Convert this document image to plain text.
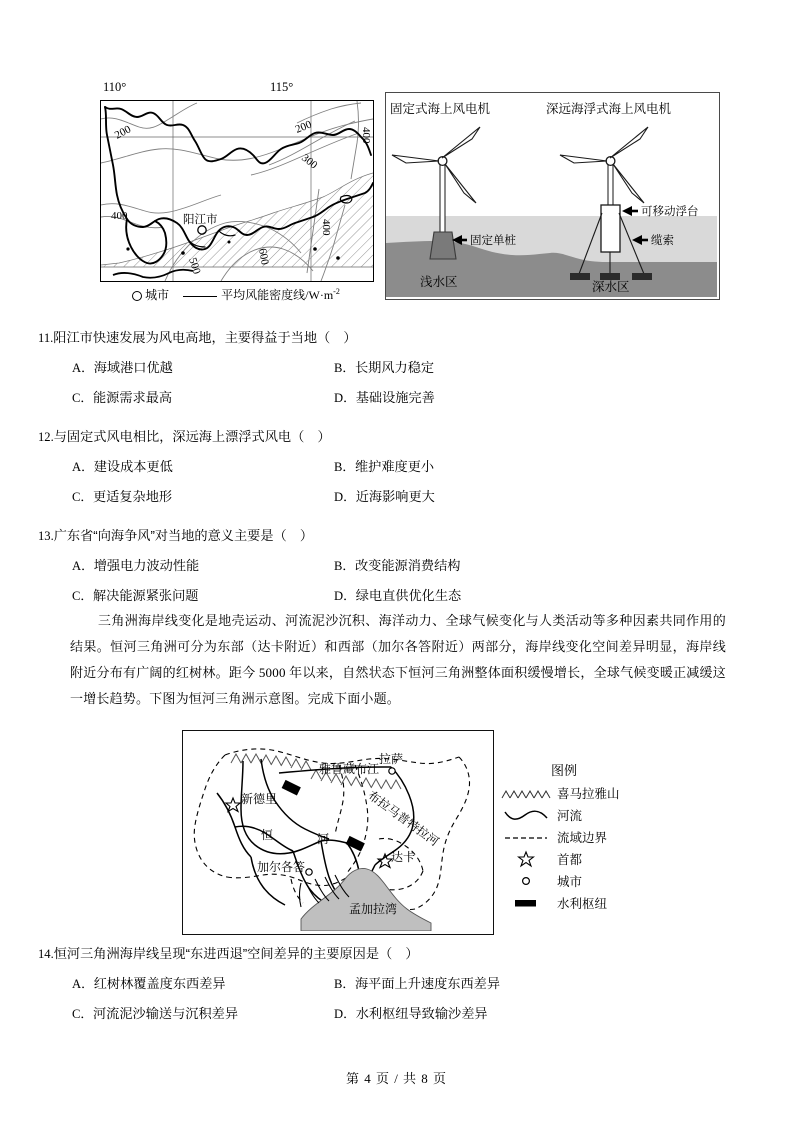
110°	115°
200	200	400
300
400
400
500	600
阳江市
城市	平均风能密度线$/W\cdot m^{-2}$
固定单桩
可移动浮台
缆索
固定式海上风电机	深远海浮式海上风电机
浅水区	深水区
11.阳江市快速发展为风电高地，主要得益于当地（　）
A．海域港口优越	B．长期风力稳定
C．能源需求最高	D．基础设施完善
12.与固定式风电相比，深远海上漂浮式风电（　）
A．建设成本更低	B．维护难度更小
C．更适复杂地形	D．近海影响更大
13.广东省“向海争风”对当地的意义主要是（　）
A．增强电力波动性能	B．改变能源消费结构
C．解决能源紧张问题	D．绿电直供优化生态
三角洲海岸线变化是地壳运动、河流泥沙沉积、海洋动力、全球气候变化与人类活动等多种因素共同作用的结果。恒河三角洲可分为东部（达卡附近）和西部（加尔各答附近）两部分，海岸线变化空间差异明显，海岸线附近分布有广阔的红树林。距今 5000 年以来，自然状态下恒河三角洲整体面积缓慢增长，全球气候变暖正减缓这一增长趋势。下图为恒河三角洲示意图。完成下面小题。
拉萨
雅鲁藏布江
新德里	布拉马普特拉河
恒	河
达卡
加尔各答
孟加拉湾
图例
喜马拉雅山
河流
流域边界
首都
城市
水利枢纽
14.恒河三角洲海岸线呈现“东进西退”空间差异的主要原因是（　）
A．红树林覆盖度东西差异	B．海平面上升速度东西差异
C．河流泥沙输送与沉积差异	D．水利枢纽导致输沙差异
第 4 页 / 共 8 页
